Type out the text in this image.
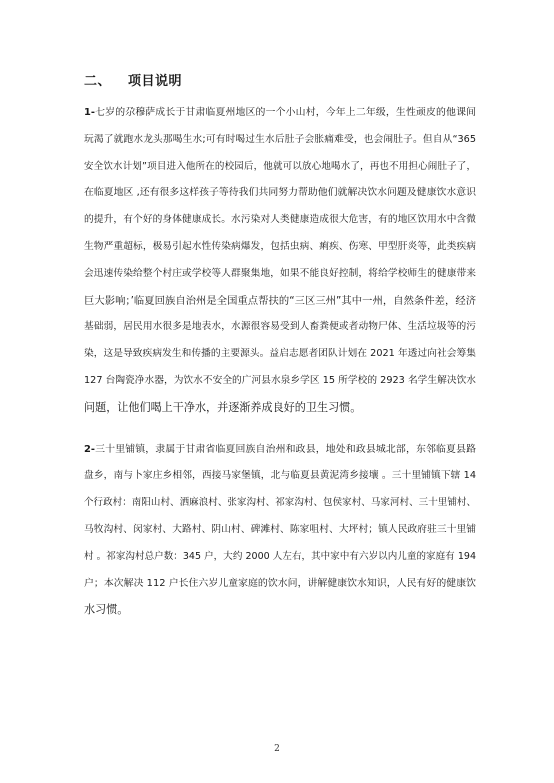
二、 项目说明
1-七岁的尕穆萨成长于甘肃临夏州地区的一个小山村，今年上二年级，生性顽皮的他课间
玩渴了就跑水龙头那喝生水;可有时喝过生水后肚子会胀痛难受，也会闹肚子。但自从“365
安全饮水计划”项目进入他所在的校园后，他就可以放心地喝水了，再也不用担心闹肚子了，
在临夏地区 ,还有很多这样孩子等待我们共同努力帮助他们就解决饮水问题及健康饮水意识
的提升，有个好的身体健康成长。水污染对人类健康造成很大危害，有的地区饮用水中含微
生物严重超标，极易引起水性传染病爆发，包括虫病、痢疾、伤寒、甲型肝炎等，此类疾病
会迅速传染给整个村庄或学校等人群聚集地，如果不能良好控制，将给学校师生的健康带来
巨大影响；’临夏回族自治州是全国重点帮扶的“三区三州”其中一州，自然条件差，经济
基础弱，居民用水很多是地表水，水源很容易受到人畜粪便或者动物尸体、生活垃圾等的污
染，这是导致疾病发生和传播的主要源头。益启志愿者团队计划在 2021 年透过向社会筹集
127 台陶瓷净水器，为饮水不安全的广河县水泉乡学区 15 所学校的 2923 名学生解决饮水
问题，让他们喝上干净水，并逐渐养成良好的卫生习惯。
2-三十里铺镇，隶属于甘肃省临夏回族自治州和政县，地处和政县城北部，东邻临夏县路
盘乡，南与卜家庄乡相邻，西接马家堡镇，北与临夏县黄泥湾乡接壤 。三十里铺镇下辖 14
个行政村：南阳山村、洒麻浪村、张家沟村、祁家沟村、包侯家村、马家河村、三十里铺村、
马牧沟村、闵家村、大路村、阴山村、碑滩村、陈家咀村、大坪村；镇人民政府驻三十里铺
村 。祁家沟村总户数：345 户，大约 2000 人左右，其中家中有六岁以内儿童的家庭有 194
户；本次解决 112 户长住六岁儿童家庭的饮水问，讲解健康饮水知识，人民有好的健康饮
水习惯。
2
